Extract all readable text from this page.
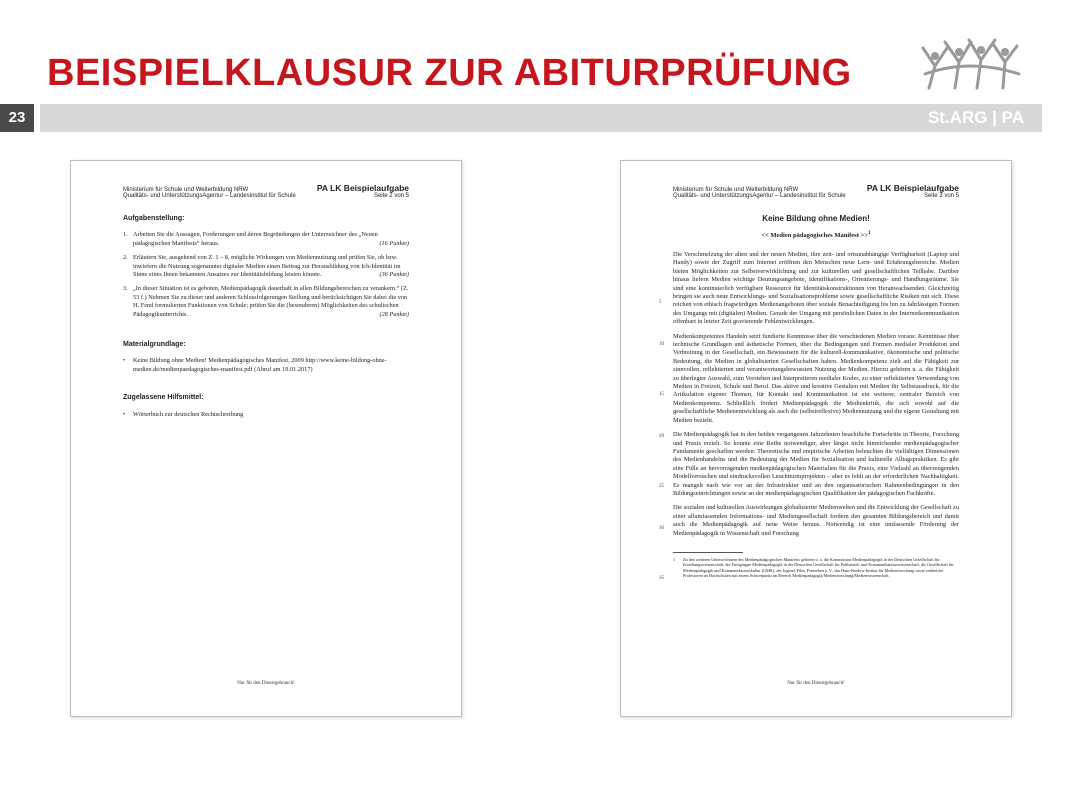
BEISPIELKLAUSUR ZUR ABITURPRÜFUNG
23	St.ARG | PA
Ministerium für Schule und Weiterbildung NRW	PA LK Beispielaufgabe
Qualitäts- und UnterstützungsAgentur – Landesinstitut für Schule	Seite 2 von 5
Aufgabenstellung:
1. Arbeiten Sie die Aussagen, Forderungen und deren Begründungen der Unterzeichner des „Neuen pädagogischen Manifests“ heraus.	(16 Punkte)
2. Erläutern Sie, ausgehend von Z. 1 – 8, mögliche Wirkungen von Mediennutzung und prüfen Sie, ob bzw. inwiefern die Nutzung sogenannter digitaler Medien einen Beitrag zur Herausbildung von Ich-Identität im Sinne eines Ihnen bekannten Ansatzes zur Identitätsbildung leisten könnte.	(36 Punkte)
3. „In dieser Situation ist es geboten, Medienpädagogik dauerhaft in allen Bildungsbereichen zu verankern.“ (Z. 53 f.) Nehmen Sie zu dieser und anderen Schlussfolgerungen Stellung und berücksichtigen Sie dabei die von H. Fend formulierten Funktionen von Schule; prüfen Sie die (besonderen) Möglichkeiten des schulischen Pädagogikunterrichts.	(28 Punkte)
Materialgrundlage:
•	Keine Bildung ohne Medien! Medienpädagogisches Manifest, 2009 http://www.keine-bildung-ohne-medien.de/medienpaedagogisches-manifest.pdf (Abruf am 19.01.2017)
Zugelassene Hilfsmittel:
•	Wörterbuch zur deutschen Rechtschreibung
Nur für den Dienstgebrauch!
Ministerium für Schule und Weiterbildung NRW	PA LK Beispielaufgabe
Qualitäts- und UnterstützungsAgentur – Landesinstitut für Schule	Seite 3 von 5
Keine Bildung ohne Medien!
<< Medien pädagogisches Manifest >>$^1$
5
10
15
20
25
30
35
Die Verschmelzung der alten und der neuen Medien, ihre zeit- und ortsunabhängige Verfügbarkeit (Laptop und Handy) sowie der Zugriff zum Internet eröffnen den Menschen neue Lern- und Erfahrungsbereiche. Medien bieten Möglichkeiten zur Selbstverwirklichung und zur kulturellen und gesellschaftlichen Teilhabe. Darüber hinaus liefern Medien wichtige Deutungsangebote, Identifikations-, Orientierungs- und Handlungsräume. Sie sind eine kontinuierlich verfügbare Ressource für Identitätskonstruktionen von Heranwachsenden. Gleichzeitig bringen sie auch neue Entwicklungs- und Sozialisationsprobleme sowie gesellschaftliche Risiken mit sich. Diese reichen von ethisch fragwürdigen Medienangeboten über soziale Benachteiligung bis hin zu fahrlässigen Formen des Umgangs mit (digitalen) Medien. Gerade der Umgang mit persönlichen Daten in der Internetkommunikation offenbart in letzter Zeit gravierende Fehlentwicklungen.
Medienkompetentes Handeln setzt fundierte Kenntnisse über die verschiedenen Medien voraus: Kenntnisse über technische Grundlagen und ästhetische Formen, über die Bedingungen und Formen medialer Produktion und Verbreitung in der Gesellschaft, ein Bewusstsein für die kulturell-kommunikative, ökonomische und politische Bedeutung, die Medien in globalisierten Gesellschaften haben. Medienkompetenz zielt auf die Fähigkeit zur sinnvollen, reflektierten und verantwortungsbewussten Nutzung der Medien. Hierzu gehören u. a. die Fähigkeit zu überlegter Auswahl, zum Verstehen und Interpretieren medialer Kodes, zu einer reflektierten Verwendung von Medien in Freizeit, Schule und Beruf. Das aktive und kreative Gestalten mit Medien für Selbstausdruck, für die Artikulation eigener Themen, für Kontakt und Kommunikation ist ein weiterer, zentraler Bereich von Medienkompetenz. Schließlich fördert Medienpädagogik die Medienkritik, die sich sowohl auf die gesellschaftliche Medienentwicklung als auch die (selbstreflexive) Mediennutzung und die eigene Gestaltung mit Medien bezieht.
Die Medienpädagogik hat in den beiden vergangenen Jahrzehnten beachtliche Fortschritte in Theorie, Forschung und Praxis erzielt. So konnte eine Reihe notwendiger, aber längst nicht hinreichender medienpädagogischer Fundamente geschaffen werden: Theoretische und empirische Arbeiten beleuchten die vielfältigen Dimensionen des Medienhandelns und die Bedeutung der Medien für Sozialisation und kulturelle Alltagspraktiken. Es gibt eine Fülle an hervorragenden medienpädagogischen Materialien für die Praxis, eine Vielzahl an überzeugenden Modellversuchen und eindrucksvollen Leuchtturmprojekten – aber es fehlt an der erforderlichen Nachhaltigkeit. Es mangelt nach wie vor an der Infrastruktur und an den organisatorischen Rahmenbedingungen in den Bildungseinrichtungen sowie an der medienpädagogischen Qualifikation der pädagogischen Fachkräfte.
Die sozialen und kulturellen Auswirkungen globalisierter Medienwelten und die Entwicklung der Gesellschaft zu einer allumfassenden Informations- und Mediengesellschaft fordern den gesamten Bildungsbereich und damit auch die Medienpädagogik auf neue Weise heraus. Notwendig ist eine umfassende Förderung der Medienpädagogik in Wissenschaft und Forschung
1	Zu den weiteren Unterzeichnern des Medienpädagogischen Manifests gehören u. a. die Kommission Medienpädagogik in der Deutschen Gesellschaft für Erziehungswissenschaft, die Fachgruppe Medienpädagogik in der Deutschen Gesellschaft für Publizistik- und Kommunikationswissenschaft, die Gesellschaft für Medienpädagogik und Kommunikationskultur (GMK), der Jugend, Film, Fernsehen e. V., das Hans-Bredow-Institut für Medienforschung sowie zahlreiche Professoren an Hochschulen mit einem Schwerpunkt im Bereich Medienpädagogik/Medienforschung/Medienwissenschaft.
Nur für den Dienstgebrauch!
